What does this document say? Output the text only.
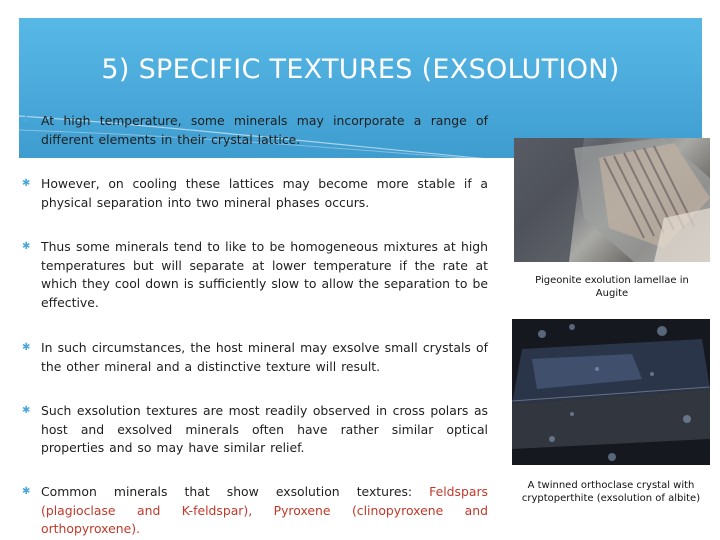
5) SPECIFIC TEXTURES (EXSOLUTION)
✱ At high temperature, some minerals may incorporate a range of different elements in their crystal lattice.
✱ However, on cooling these lattices may become more stable if a physical separation into two mineral phases occurs.
✱ Thus some minerals tend to like to be homogeneous mixtures at high temperatures but will separate at lower temperature if the rate at which they cool down is sufficiently slow to allow the separation to be effective.
✱ In such circumstances, the host mineral may exsolve small crystals of the other mineral and a distinctive texture will result.
✱ Such exsolution textures are most readily observed in cross polars as host and exsolved minerals often have rather similar optical properties and so may have similar relief.
✱ Common minerals that show exsolution textures: Feldspars (plagioclase and K-feldspar), Pyroxene (clinopyroxene and orthopyroxene).
Pigeonite exolution lamellae in Augite
A twinned orthoclase crystal with cryptoperthite (exsolution of albite)
